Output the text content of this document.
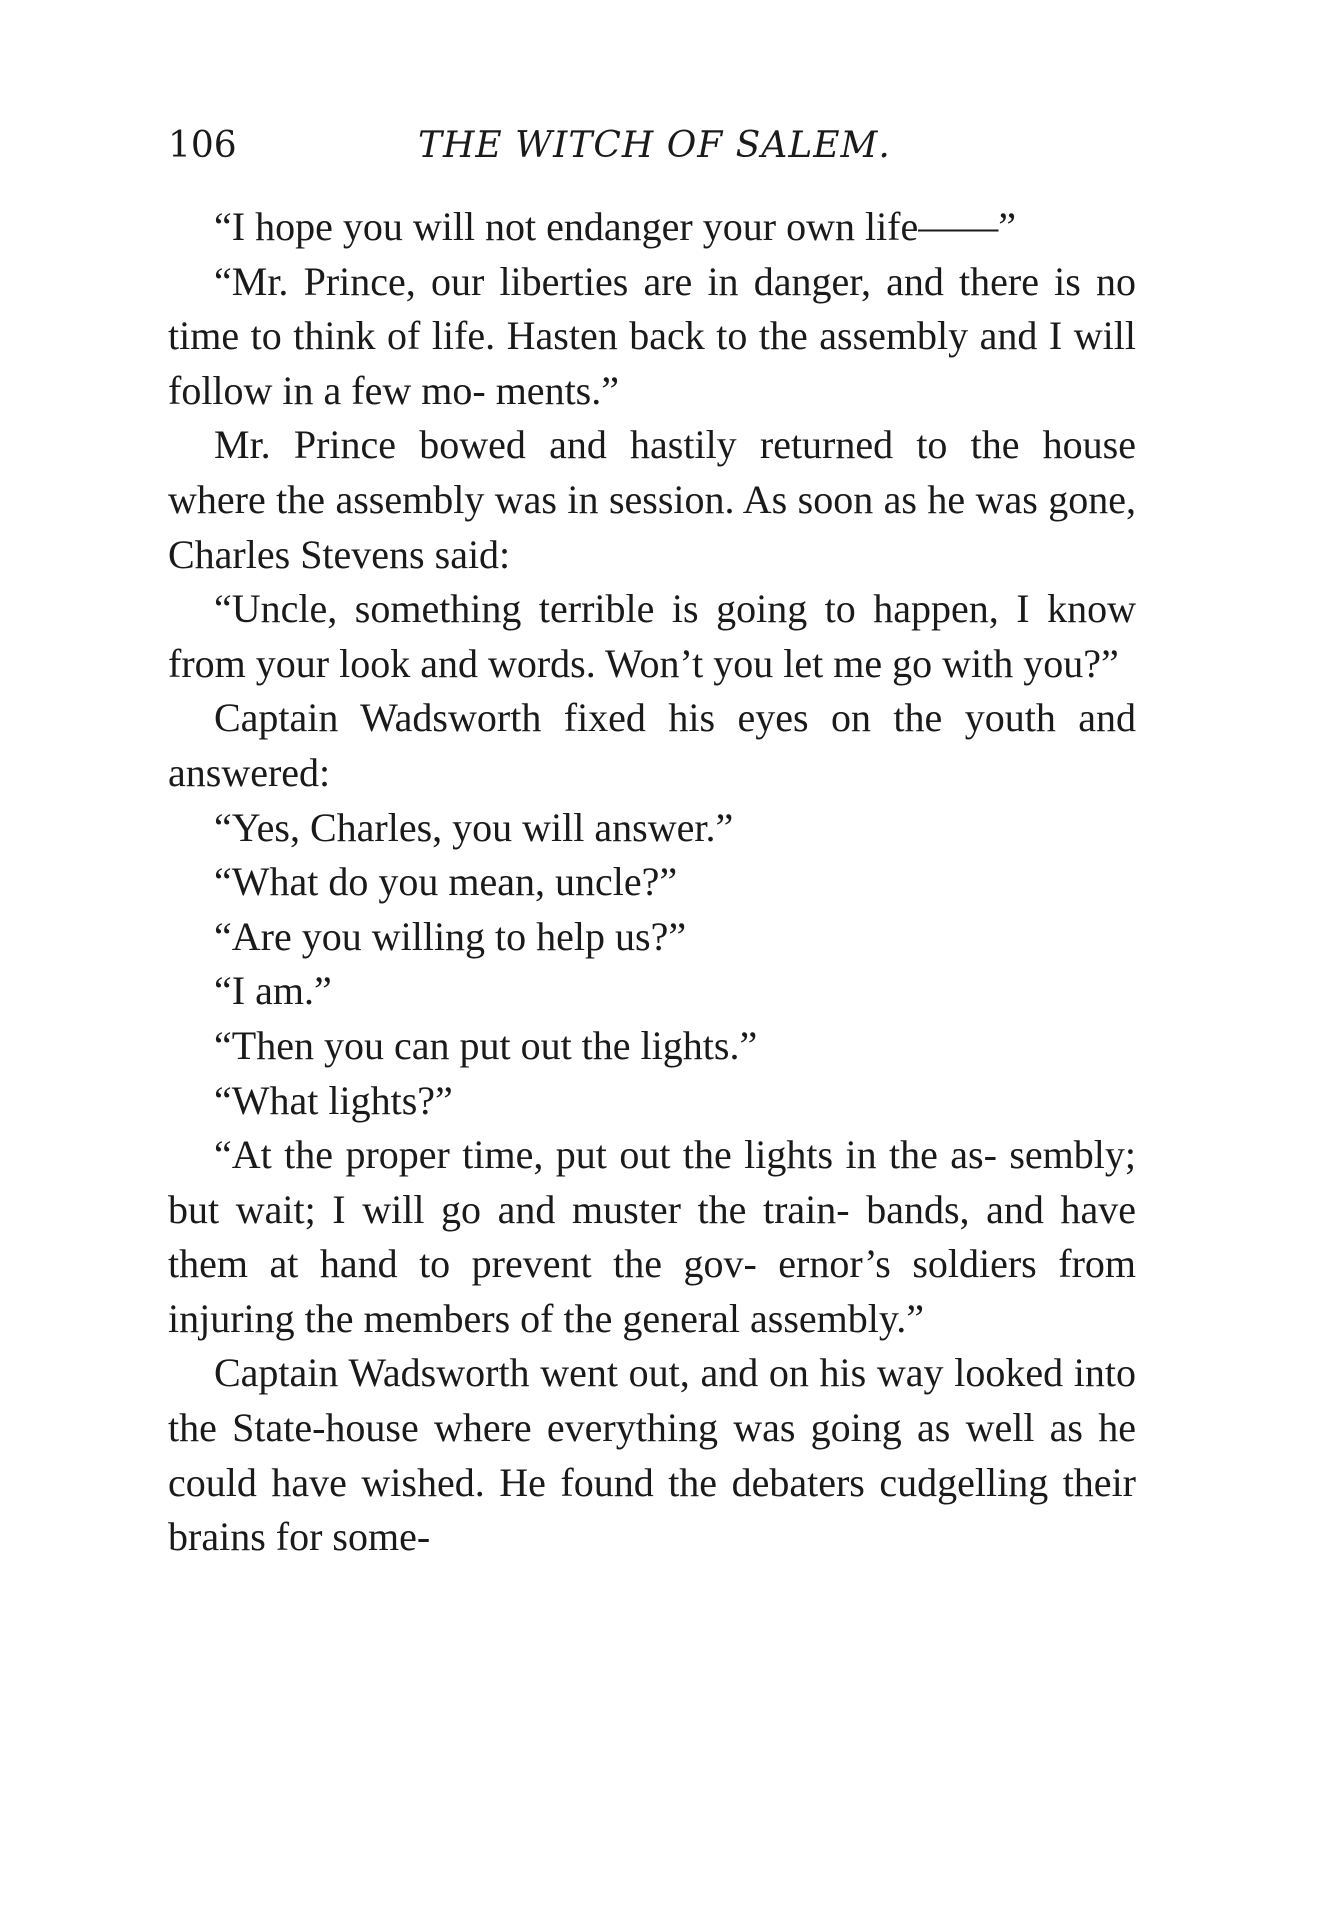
106	THE WITCH OF SALEM.

“I hope you will not endanger your own life——”

“Mr. Prince, our liberties are in danger, and there is no time to think of life. Hasten back to the assembly and I will follow in a few mo- ments.”

Mr. Prince bowed and hastily returned to the house where the assembly was in session. As soon as he was gone, Charles Stevens said:

“Uncle, something terrible is going to happen, I know from your look and words. Won’t you let me go with you?”

Captain Wadsworth fixed his eyes on the youth and answered:

“Yes, Charles, you will answer.”

“What do you mean, uncle?”

“Are you willing to help us?”

“I am.”

“Then you can put out the lights.”

“What lights?”

“At the proper time, put out the lights in the as- sembly; but wait; I will go and muster the train- bands, and have them at hand to prevent the gov- ernor’s soldiers from injuring the members of the general assembly.”

Captain Wadsworth went out, and on his way looked into the State-house where everything was going as well as he could have wished. He found the debaters cudgelling their brains for some-
